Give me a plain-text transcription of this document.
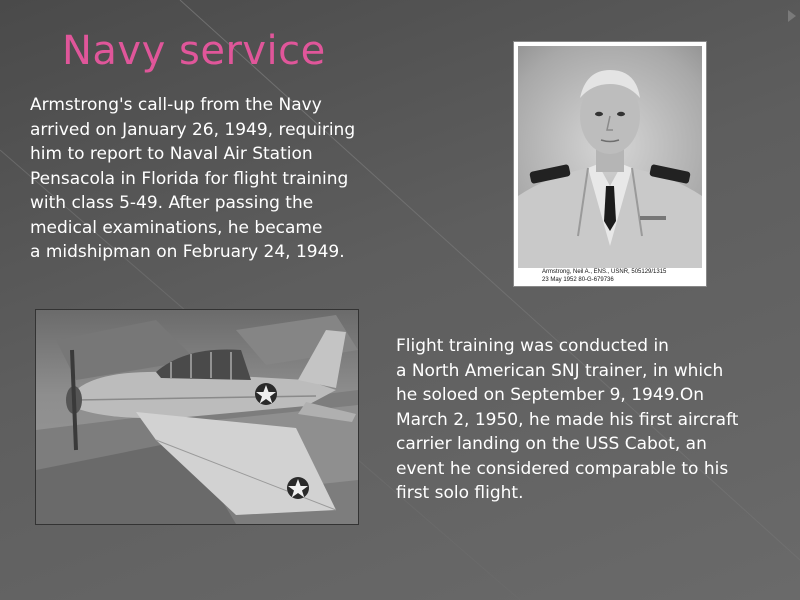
Navy service
Armstrong's call-up from the Navy
arrived on January 26, 1949, requiring
him to report to Naval Air Station
Pensacola in Florida for flight training
with class 5-49. After passing the
medical examinations, he became
a midshipman on February 24, 1949.
Armstrong, Neil A., ENS., USNR, 505129/1315
23 May 1952 80-G-679736
Flight training was conducted in
a North American SNJ trainer, in which
he soloed on September 9, 1949.On
March 2, 1950, he made his first aircraft
carrier landing on the USS Cabot, an
event he considered comparable to his
first solo flight.
